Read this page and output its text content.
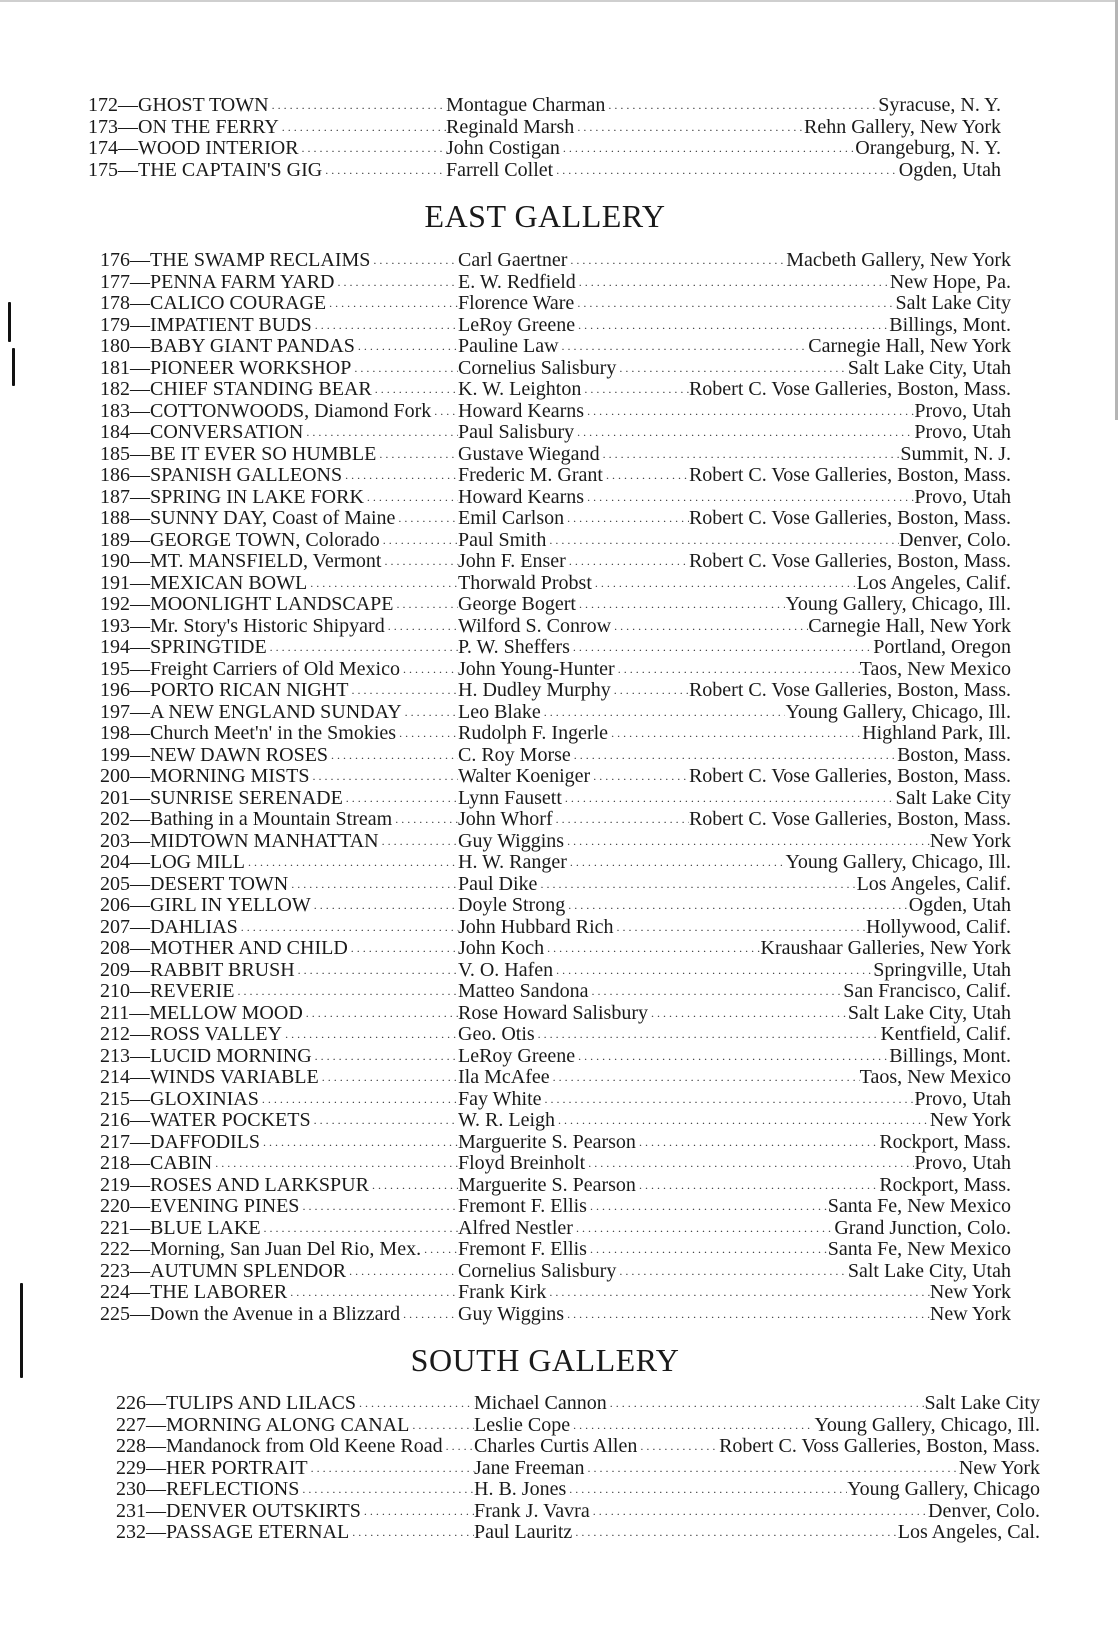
172—GHOST TOWN .....	Montague Charman .....	Syracuse, N. Y.
173—ON THE FERRY .....	Reginald Marsh .....	Rehn Gallery, New York
174—WOOD INTERIOR .....	John Costigan .....	Orangeburg, N. Y.
175—THE CAPTAIN'S GIG .....	Farrell Collet .....	Ogden, Utah
EAST GALLERY
176—THE SWAMP RECLAIMS .....	Carl Gaertner .....	Macbeth Gallery, New York
177—PENNA FARM YARD .....	E. W. Redfield .....	New Hope, Pa.
178—CALICO COURAGE .....	Florence Ware .....	Salt Lake City
179—IMPATIENT BUDS .....	LeRoy Greene .....	Billings, Mont.
180—BABY GIANT PANDAS .....	Pauline Law .....	Carnegie Hall, New York
181—PIONEER WORKSHOP .....	Cornelius Salisbury .....	Salt Lake City, Utah
182—CHIEF STANDING BEAR .....	K. W. Leighton .....	Robert C. Vose Galleries, Boston, Mass.
183—COTTONWOODS, Diamond Fork ..... Howard Kearns .....	Provo, Utah
184—CONVERSATION .....	Paul Salisbury .....	Provo, Utah
185—BE IT EVER SO HUMBLE .....	Gustave Wiegand .....	Summit, N. J.
186—SPANISH GALLEONS .....	Frederic M. Grant .....	Robert C. Vose Galleries, Boston, Mass.
187—SPRING IN LAKE FORK .....	Howard Kearns .....	Provo, Utah
188—SUNNY DAY, Coast of Maine .....	Emil Carlson .....	Robert C. Vose Galleries, Boston, Mass.
189—GEORGE TOWN, Colorado .....	Paul Smith .....	Denver, Colo.
190—MT. MANSFIELD, Vermont .....	John F. Enser .....	Robert C. Vose Galleries, Boston, Mass.
191—MEXICAN BOWL .....	Thorwald Probst .....	Los Angeles, Calif.
192—MOONLIGHT LANDSCAPE .....	George Bogert .....	Young Gallery, Chicago, Ill.
193—Mr. Story's Historic Shipyard .....	Wilford S. Conrow .....	Carnegie Hall, New York
194—SPRINGTIDE .....	P. W. Sheffers .....	Portland, Oregon
195—Freight Carriers of Old Mexico .....	John Young-Hunter .....	Taos, New Mexico
196—PORTO RICAN NIGHT .....	H. Dudley Murphy .....	Robert C. Vose Galleries, Boston, Mass.
197—A NEW ENGLAND SUNDAY .....	Leo Blake .....	Young Gallery, Chicago, Ill.
198—Church Meet'n' in the Smokies .....	Rudolph F. Ingerle .....	Highland Park, Ill.
199—NEW DAWN ROSES .....	C. Roy Morse .....	Boston, Mass.
200—MORNING MISTS .....	Walter Koeniger .....	Robert C. Vose Galleries, Boston, Mass.
201—SUNRISE SERENADE .....	Lynn Fausett .....	Salt Lake City
202—Bathing in a Mountain Stream .....	John Whorf .....	Robert C. Vose Galleries, Boston, Mass.
203—MIDTOWN MANHATTAN .....	Guy Wiggins .....	New York
204—LOG MILL .....	H. W. Ranger .....	Young Gallery, Chicago, Ill.
205—DESERT TOWN .....	Paul Dike .....	Los Angeles, Calif.
206—GIRL IN YELLOW .....	Doyle Strong .....	Ogden, Utah
207—DAHLIAS .....	John Hubbard Rich .....	Hollywood, Calif.
208—MOTHER AND CHILD .....	John Koch .....	Kraushaar Galleries, New York
209—RABBIT BRUSH .....	V. O. Hafen .....	Springville, Utah
210—REVERIE .....	Matteo Sandona .....	San Francisco, Calif.
211—MELLOW MOOD .....	Rose Howard Salisbury .....	Salt Lake City, Utah
212—ROSS VALLEY .....	Geo. Otis .....	Kentfield, Calif.
213—LUCID MORNING .....	LeRoy Greene .....	Billings, Mont.
214—WINDS VARIABLE .....	Ila McAfee .....	Taos, New Mexico
215—GLOXINIAS .....	Fay White .....	Provo, Utah
216—WATER POCKETS .....	W. R. Leigh .....	New York
217—DAFFODILS .....	Marguerite S. Pearson .....	Rockport, Mass.
218—CABIN .....	Floyd Breinholt .....	Provo, Utah
219—ROSES AND LARKSPUR .....	Marguerite S. Pearson .....	Rockport, Mass.
220—EVENING PINES .....	Fremont F. Ellis .....	Santa Fe, New Mexico
221—BLUE LAKE .....	Alfred Nestler .....	Grand Junction, Colo.
222—Morning, San Juan Del Rio, Mex. ..... Fremont F. Ellis .....	Santa Fe, New Mexico
223—AUTUMN SPLENDOR .....	Cornelius Salisbury .....	Salt Lake City, Utah
224—THE LABORER .....	Frank Kirk .....	New York
225—Down the Avenue in a Blizzard .....	Guy Wiggins .....	New York
SOUTH GALLERY
226—TULIPS AND LILACS .....	Michael Cannon .....	Salt Lake City
227—MORNING ALONG CANAL .....	Leslie Cope .....	Young Gallery, Chicago, Ill.
228—Mandanock from Old Keene Road ..... Charles Curtis Allen .....	Robert C. Voss Galleries, Boston, Mass.
229—HER PORTRAIT .....	Jane Freeman .....	New York
230—REFLECTIONS .....	H. B. Jones .....	Young Gallery, Chicago
231—DENVER OUTSKIRTS .....	Frank J. Vavra .....	Denver, Colo.
232—PASSAGE ETERNAL .....	Paul Lauritz .....	Los Angeles, Cal.
